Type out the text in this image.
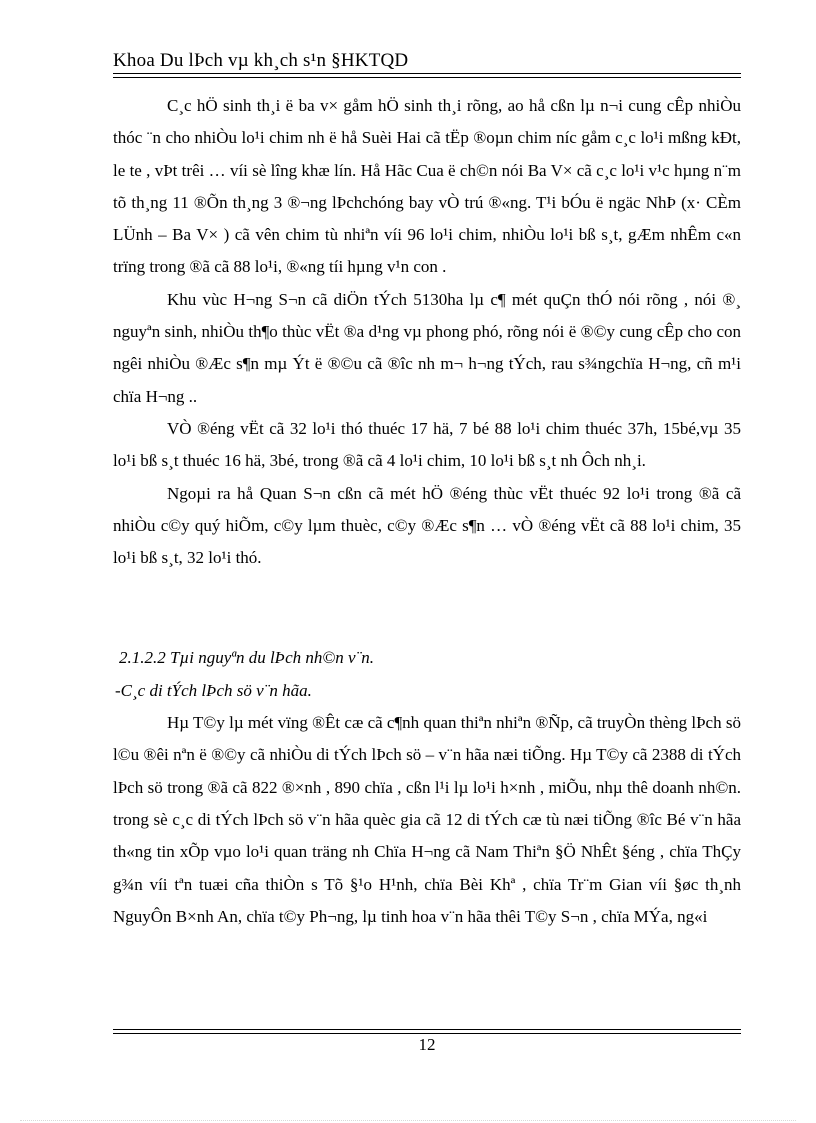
Khoa Du lÞch vµ kh¸ch s¹n §HKTQD

C¸c hÖ sinh th¸i ë ba v× gåm hÖ sinh th¸i rõng, ao hå cßn lµ n¬i cung cÊp nhiÒu thóc ¨n cho nhiÒu lo¹i chim nh ë hå Suèi Hai cã tËp ®oµn chim níc gåm c¸c lo¹i mßng kÐt, le te , vÞt trêi … víi sè lîng khæ lín. Hå Hãc Cua ë ch©n nói Ba V× cã c¸c lo¹i v¹c hµng n¨m tõ th¸ng 11 ®Õn th¸ng 3 ®¬ng lÞchchóng bay vÒ trú ®«ng. T¹i bÓu ë ngäc NhÞ (x· CÈm LÜnh – Ba V× ) cã vên chim tù nhiªn víi 96 lo¹i chim, nhiÒu lo¹i bß s¸t, gÆm nhÊm c«n trïng trong ®ã cã 88 lo¹i, ®«ng tíi hµng v¹n con .

Khu vùc H¬ng S¬n cã diÖn tÝch 5130ha lµ c¶ mét quÇn thÓ nói rõng , nói ®¸ nguyªn sinh, nhiÒu th¶o thùc vËt ®a d¹ng vµ phong phó, rõng nói ë ®©y cung cÊp cho con ngêi nhiÒu ®Æc s¶n mµ Ýt ë ®©u cã ®îc nh m¬ h¬ng tÝch, rau s¾ngchïa H¬ng, cñ m¹i chïa H¬ng ..

VÒ ®éng vËt cã 32 lo¹i thó thuéc 17 hä, 7 bé 88 lo¹i chim thuéc 37h, 15bé,vµ 35 lo¹i bß s¸t thuéc 16 hä, 3bé, trong ®ã cã 4 lo¹i chim, 10 lo¹i bß s¸t nh Ôch nh¸i.

Ngoµi ra hå Quan S¬n cßn cã mét hÖ ®éng thùc vËt thuéc 92 lo¹i trong ®ã cã nhiÒu c©y quý hiÕm, c©y lµm thuèc, c©y ®Æc s¶n … vÒ ®éng vËt cã 88 lo¹i chim, 35 lo¹i bß s¸t, 32 lo¹i thó.

2.1.2.2 Tµi nguyªn du lÞch nh©n v¨n.
-C¸c di tÝch lÞch sö v¨n hãa.

Hµ T©y lµ mét vïng ®Êt cæ cã c¶nh quan thiªn nhiªn ®Ñp, cã truyÒn thèng lÞch sö l©u ®êi nªn ë ®©y cã nhiÒu di tÝch lÞch sö – v¨n hãa næi tiÕng. Hµ T©y cã 2388 di tÝch lÞch sö trong ®ã cã 822 ®×nh , 890 chïa , cßn l¹i lµ lo¹i h×nh , miÕu, nhµ thê doanh nh©n. trong sè c¸c di tÝch lÞch sö v¨n hãa quèc gia cã 12 di tÝch cæ tù næi tiÕng ®îc Bé v¨n hãa th«ng tin xÕp vµo lo¹i quan träng nh Chïa H¬ng cã Nam Thiªn §Ö NhÊt §éng , chïa ThÇy g¾n víi tªn tuæi cña thiÒn s Tõ §¹o H¹nh, chïa Bèi Khª , chïa Tr¨m Gian víi §øc th¸nh NguyÔn B×nh An, chïa t©y Ph¬ng, lµ tinh hoa v¨n hãa thêi T©y S¬n , chïa MÝa, ng«i

12
